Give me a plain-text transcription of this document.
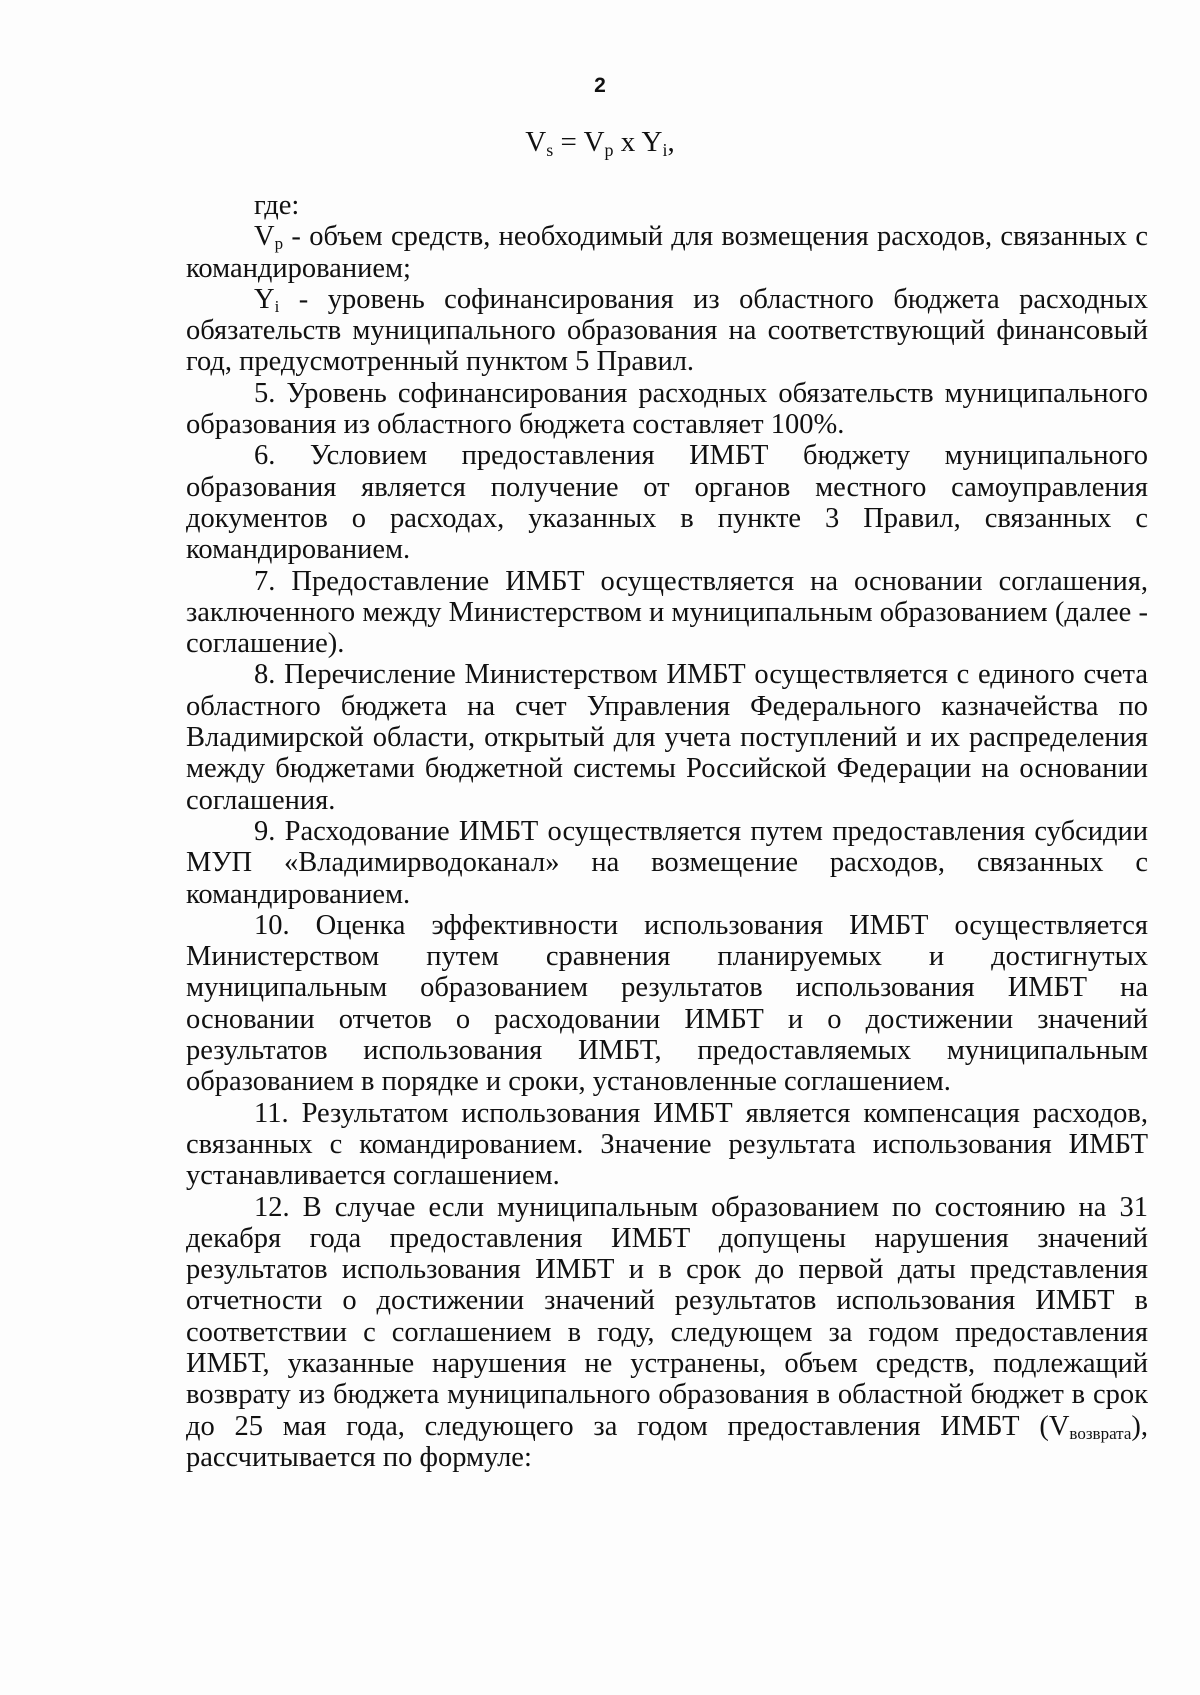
2
$V_s = V_p$ x $Y_i$,

где:

$V_p$ - объем средств, необходимый для возмещения расходов, связанных с командированием;

$Y_i$ - уровень софинансирования из областного бюджета расходных обязательств муниципального образования на соответствующий финансовый год, предусмотренный пунктом 5 Правил.

5. Уровень софинансирования расходных обязательств муниципального образования из областного бюджета составляет 100%.

6. Условием предоставления ИМБТ бюджету муниципального образования является получение от органов местного самоуправления документов о расходах, указанных в пункте 3 Правил, связанных с командированием.

7. Предоставление ИМБТ осуществляется на основании соглашения, заключенного между Министерством и муниципальным образованием (далее - соглашение).

8. Перечисление Министерством ИМБТ осуществляется с единого счета областного бюджета на счет Управления Федерального казначейства по Владимирской области, открытый для учета поступлений и их распределения между бюджетами бюджетной системы Российской Федерации на основании соглашения.

9. Расходование ИМБТ осуществляется путем предоставления субсидии МУП «Владимирводоканал» на возмещение расходов, связанных с командированием.

10. Оценка эффективности использования ИМБТ осуществляется Министерством путем сравнения планируемых и достигнутых муниципальным образованием результатов использования ИМБТ на основании отчетов о расходовании ИМБТ и о достижении значений результатов использования ИМБТ, предоставляемых муниципальным образованием в порядке и сроки, установленные соглашением.

11. Результатом использования ИМБТ является компенсация расходов, связанных с командированием. Значение результата использования ИМБТ устанавливается соглашением.

12. В случае если муниципальным образованием по состоянию на 31 декабря года предоставления ИМБТ допущены нарушения значений результатов использования ИМБТ и в срок до первой даты представления отчетности о достижении значений результатов использования ИМБТ в соответствии с соглашением в году, следующем за годом предоставления ИМБТ, указанные нарушения не устранены, объем средств, подлежащий возврату из бюджета муниципального образования в областной бюджет в срок до 25 мая года, следующего за годом предоставления ИМБТ $(V_{возврата})$, рассчитывается по формуле:
